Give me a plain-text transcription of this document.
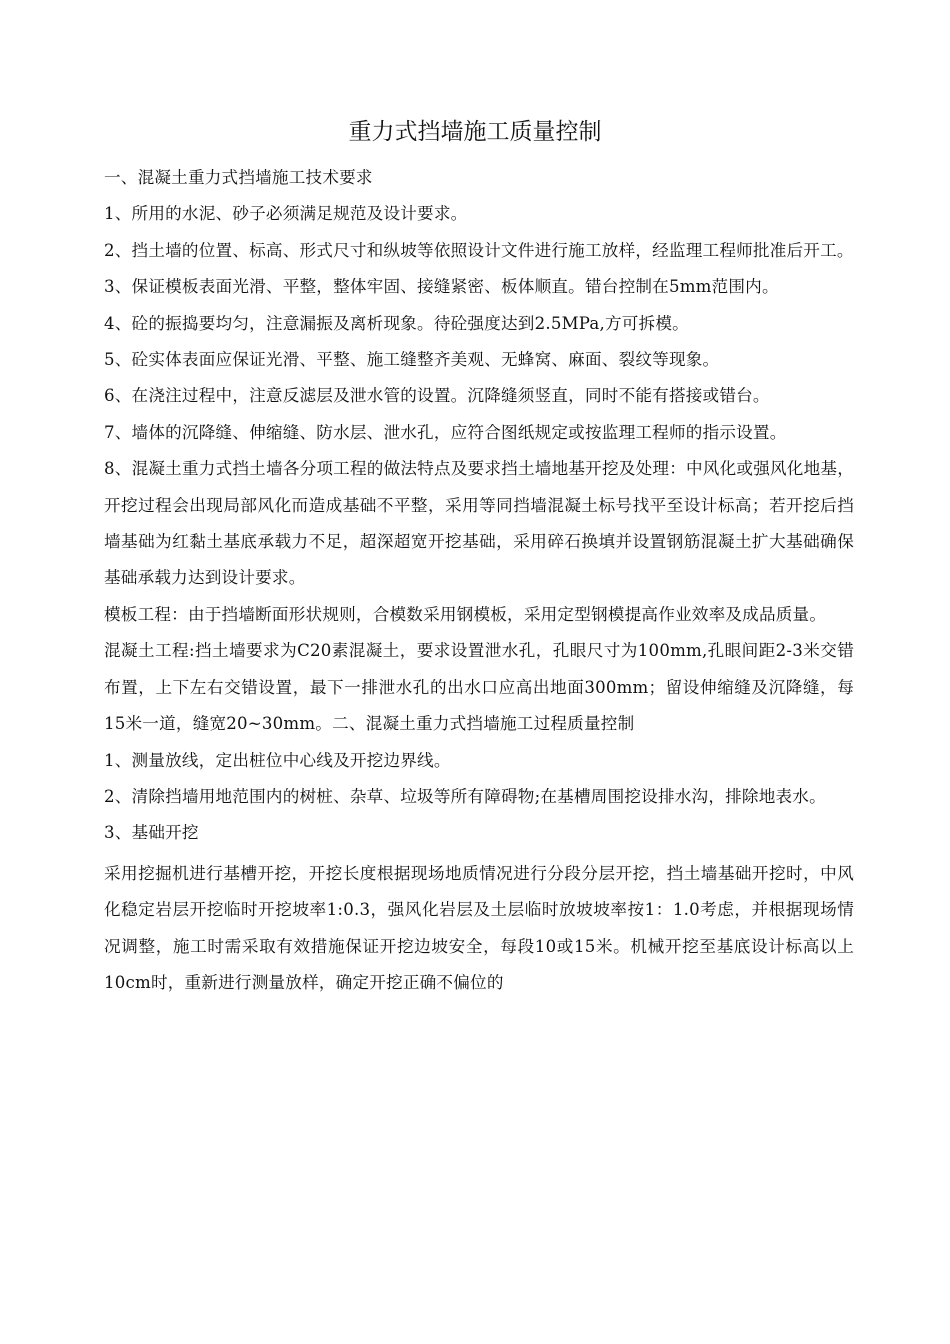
重力式挡墙施工质量控制

一、混凝土重力式挡墙施工技术要求

1、所用的水泥、砂子必须满足规范及设计要求。

2、挡土墙的位置、标高、形式尺寸和纵坡等依照设计文件进行施工放样，经监理工程师批准后开工。

3、保证模板表面光滑、平整，整体牢固、接缝紧密、板体顺直。错台控制在5mm范围内。

4、砼的振捣要均匀，注意漏振及离析现象。待砼强度达到2.5MPa,方可拆模。

5、砼实体表面应保证光滑、平整、施工缝整齐美观、无蜂窝、麻面、裂纹等现象。

6、在浇注过程中，注意反滤层及泄水管的设置。沉降缝须竖直，同时不能有搭接或错台。

7、墙体的沉降缝、伸缩缝、防水层、泄水孔，应符合图纸规定或按监理工程师的指示设置。

8、混凝土重力式挡土墙各分项工程的做法特点及要求挡土墙地基开挖及处理：中风化或强风化地基，开挖过程会出现局部风化而造成基础不平整，采用等同挡墙混凝土标号找平至设计标高；若开挖后挡墙基础为红黏土基底承载力不足，超深超宽开挖基础，采用碎石换填并设置钢筋混凝土扩大基础确保基础承载力达到设计要求。

模板工程：由于挡墙断面形状规则，合模数采用钢模板，采用定型钢模提高作业效率及成品质量。

混凝土工程:挡土墙要求为C20素混凝土，要求设置泄水孔，孔眼尺寸为100mm,孔眼间距2-3米交错布置，上下左右交错设置，最下一排泄水孔的出水口应高出地面300mm；留设伸缩缝及沉降缝，每15米一道，缝宽20~30mm。二、混凝土重力式挡墙施工过程质量控制

1、测量放线，定出桩位中心线及开挖边界线。

2、清除挡墙用地范围内的树桩、杂草、垃圾等所有障碍物;在基槽周围挖设排水沟，排除地表水。

3、基础开挖

采用挖掘机进行基槽开挖，开挖长度根据现场地质情况进行分段分层开挖，挡土墙基础开挖时，中风化稳定岩层开挖临时开挖坡率1:0.3，强风化岩层及土层临时放坡坡率按1：1.0考虑，并根据现场情况调整，施工时需采取有效措施保证开挖边坡安全，每段10或15米。机械开挖至基底设计标高以上10cm时，重新进行测量放样，确定开挖正确不偏位的
